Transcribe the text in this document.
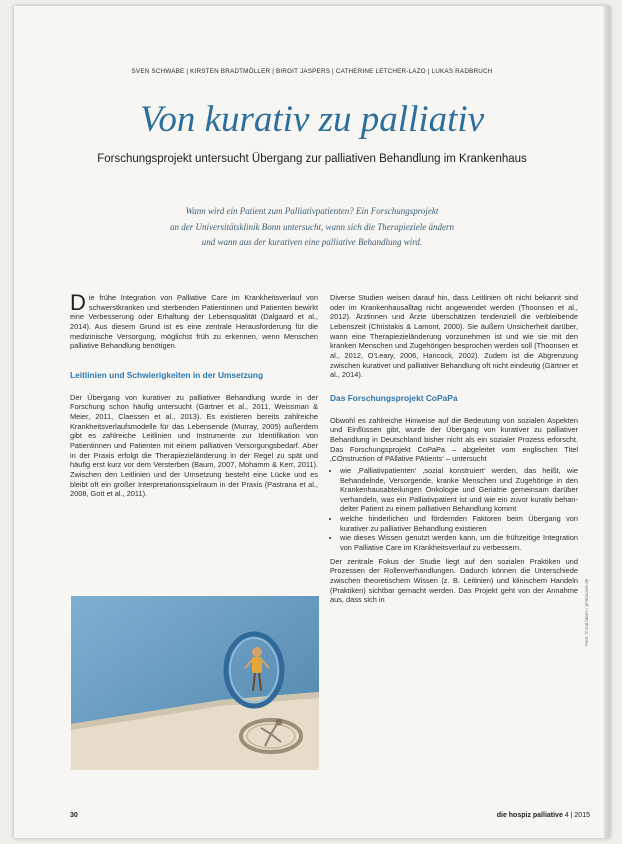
SVEN SCHWABE | KIRSTEN BRADTMÖLLER | BIRGIT JASPERS | CATHERINE LETCHER-LAZO | LUKAS RADBRUCH
Von kurativ zu palliativ
Forschungsprojekt untersucht Übergang zur palliativen Behandlung im Krankenhaus
Wann wird ein Patient zum Palliativpatienten? Ein Forschungsprojekt
an der Universitätsklinik Bonn untersucht, wann sich die Therapieziele ändern
und wann aus der kurativen eine palliative Behandlung wird.

Die frühe Integration von Palliative Care im Krankheitsverlauf von schwerstkranken und sterbenden Patientinnen und Patienten bewirkt eine Verbesserung oder Erhaltung der Lebensqualität (Dalgaard et al., 2014). Aus diesem Grund ist es eine zentrale Herausforderung für die medizinische Versorgung, möglichst früh zu erkennen, wenn Menschen palliative Behandlung benötigen.

Leitlinien und Schwierigkeiten in der Umsetzung

Der Übergang von kurativer zu palliativer Behandlung wurde in der Forschung schon häufig untersucht (Gärtner et al., 2011, Weissman & Meier, 2011, Claessen et al., 2013). Es existieren bereits zahlreiche Krankheitsverlaufsmodelle für das Lebensende (Murray, 2005) außerdem gibt es zahlreiche Leitlinien und Instrumente zur Identifikation von Patientinnen und Patienten mit einem palliativen Versorgungsbedarf. Aber in der Praxis erfolgt die Therapiezieländerung in der Regel zu spät und häufig erst kurz vor dem Versterben (Baum, 2007, Mohamm & Kerr, 2011). Zwischen den Leitlinien und der Umsetzung besteht eine Lücke und es bleibt oft ein großer Interpretationsspielraum in der Praxis (Pastrana et al., 2008, Gott et al., 2011).

Diverse Studien weisen darauf hin, dass Leitlinien oft nicht bekannt sind oder im Krankenhausalltag nicht angewendet werden (Thoonsen et al., 2012). Ärztinnen und Ärzte überschätzen tendenziell die verbleibende Lebenszeit (Christakis & Lamont, 2000). Sie äußern Unsicherheit darüber, wann eine Therapiezieländerung vorzunehmen ist und wie sie mit den kranken Menschen und Zugehörigen besprochen werden soll (Thoonsen et al., 2012, O’Leary, 2006, Hancock, 2002). Zudem ist die Abgrenzung zwischen kurativer und palliativer Behandlung oft nicht eindeutig (Gärtner et al., 2014).

Das Forschungsprojekt CoPaPa

Obwohl es zahlreiche Hinweise auf die Bedeutung von sozialen Aspekten und Einflüssen gibt, wurde der Übergang von kurativer zu palliativer Behandlung in Deutschland bisher nicht als ein sozialer Prozess erforscht. Das Forschungsprojekt CoPaPa – abgeleitet vom englischen Titel ‚COnstruction of PAllative PAtients‘ – untersucht

• wie ‚Palliativpatienten‘ ‚sozial konstruiert‘ werden, das heißt, wie Behandelnde, Versorgende, kranke Menschen und Zugehörige in den Krankenhausabteilungen Onkologie und Geriatrie gemeinsam darüber verhandeln, was ein Palliativpatient ist und wie ein zuvor kurativ behandelter Patient zu einem palliativen Behandlung kommt
• welche hinderlichen und fördernden Faktoren beim Übergang von kurativer zu palliativer Behandlung existieren
• wie dieses Wissen genutzt werden kann, um die frühzeitige Integration von Palliative Care im Krankheitsverlauf zu verbessern.

Der zentrale Fokus der Studie liegt auf den sozialen Praktiken und Prozessen der Rollenverhandlungen. Dadurch können die Unterschiede zwischen theoretischem Wissen (z. B. Leitinien) und klinischem Handeln (Praktiken) sichtbar gemacht werden. Das Projekt geht von der Annahme aus, dass sich in	Foto: © Kai Mann / photocase.de
30	die hospiz palliative 4 | 2015
